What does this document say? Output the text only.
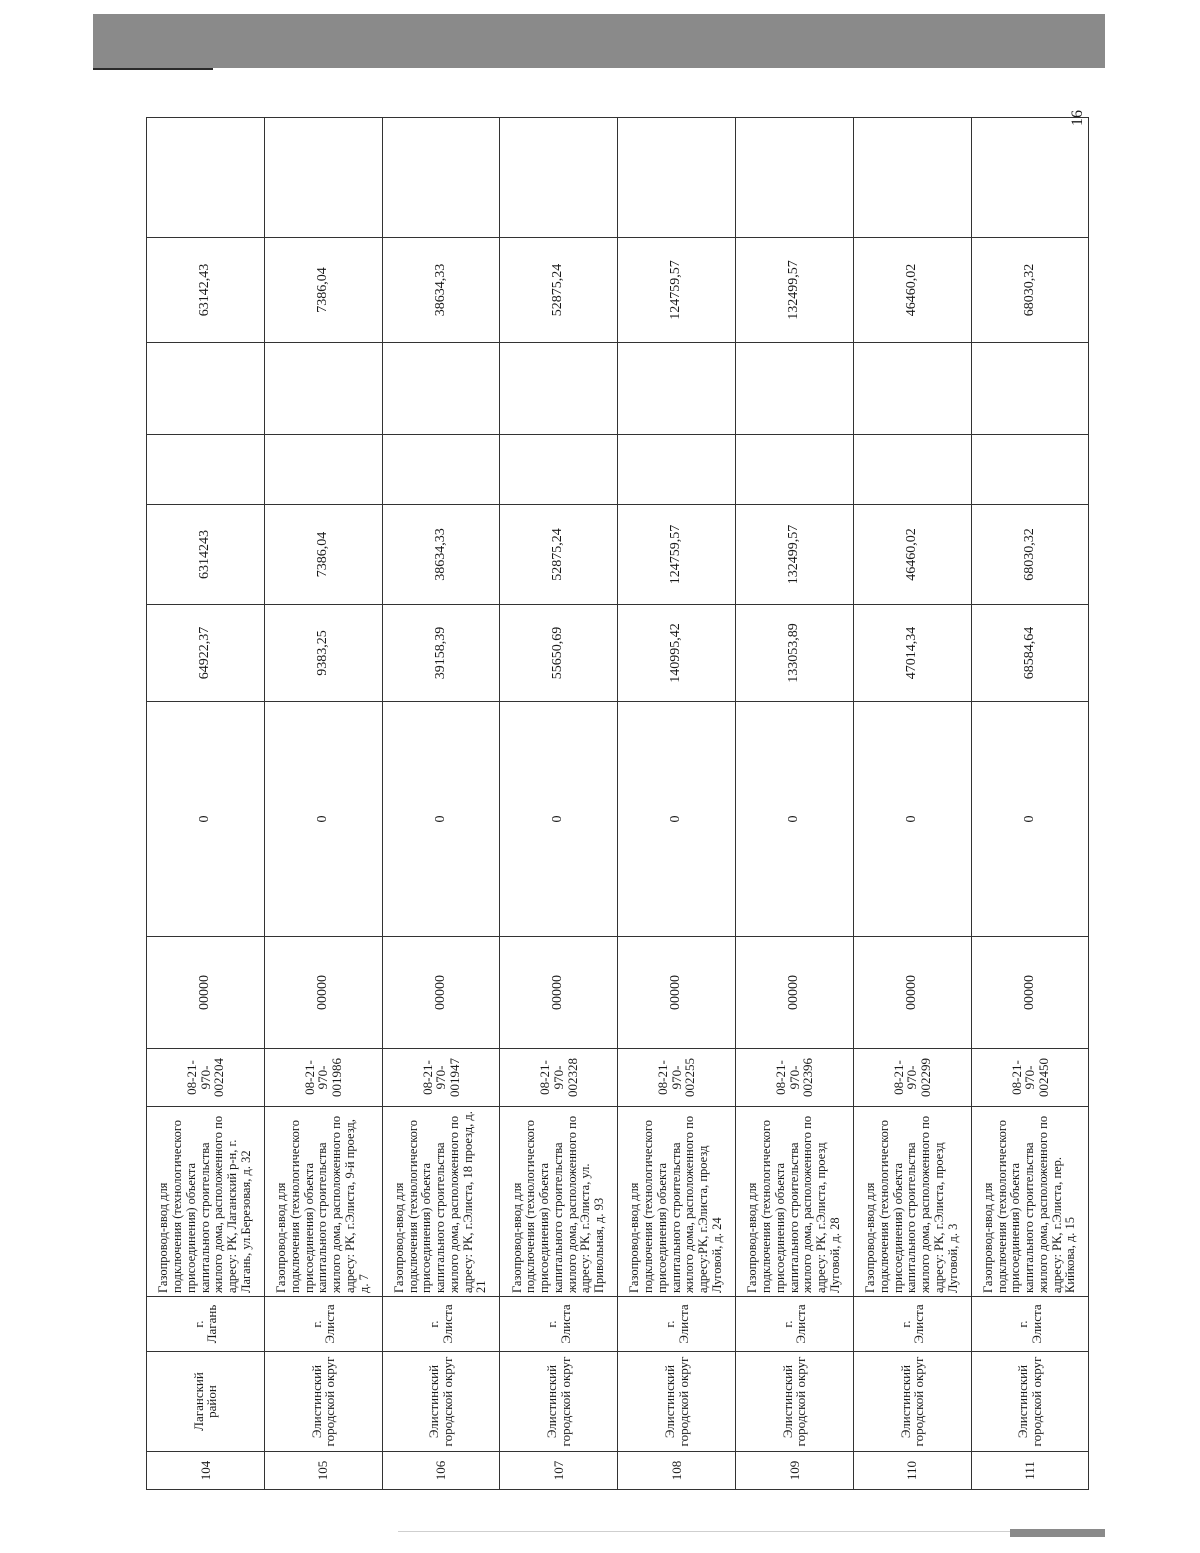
16
104	Лаганский район	г. Лагань	Газопровод-ввод для подключения (технологического присоединения) объекта капитального строительства жилого дома, расположенного по адресу: РК, Лаганский р-н, г. Лагань, ул.Березовая, д. 32	08-21-970-002204	00000	0	64922,37	6314243			63142,43	
105	Элистинский городской округ	г. Элиста	Газопровод-ввод для подключения (технологического присоединения) объекта капитального строительства жилого дома, расположенного по адресу: РК, г.Элиста, 9-й проезд, д. 7	08-21-970-001986	00000	0	9383,25	7386,04			7386,04	
106	Элистинский городской округ	г. Элиста	Газопровод-ввод для подключения (технологического присоединения) объекта капитального строительства жилого дома, расположенного по адресу: РК, г.Элиста, 18 проезд, д. 21	08-21-970-001947	00000	0	39158,39	38634,33			38634,33	
107	Элистинский городской округ	г. Элиста	Газопровод-ввод для подключения (технологического присоединения) объекта капитального строительства жилого дома, расположенного по адресу: РК, г.Элиста, ул. Привольная, д. 93	08-21-970-002328	00000	0	55650,69	52875,24			52875,24	
108	Элистинский городской округ	г. Элиста	Газопровод-ввод для подключения (технологического присоединения) объекта капитального строительства жилого дома, расположенного по адресу:РК, г.Элиста, проезд Луговой, д. 24	08-21-970-002255	00000	0	140995,42	124759,57			124759,57	
109	Элистинский городской округ	г. Элиста	Газопровод-ввод для подключения (технологического присоединения) объекта капитального строительства жилого дома, расположенного по адресу: РК, г.Элиста, проезд Луговой, д. 28	08-21-970-002396	00000	0	133053,89	132499,57			132499,57	
110	Элистинский городской округ	г. Элиста	Газопровод-ввод для подключения (технологического присоединения) объекта капитального строительства жилого дома, расположенного по адресу: РК, г.Элиста, проезд Луговой, д. 3	08-21-970-002299	00000	0	47014,34	46460,02			46460,02	
111	Элистинский городской округ	г. Элиста	Газопровод-ввод для подключения (технологического присоединения) объекта капитального строительства жилого дома, расположенного по адресу: РК, г.Элиста, пер. Кийкова, д. 15	08-21-970-002450	00000	0	68584,64	68030,32			68030,32	
